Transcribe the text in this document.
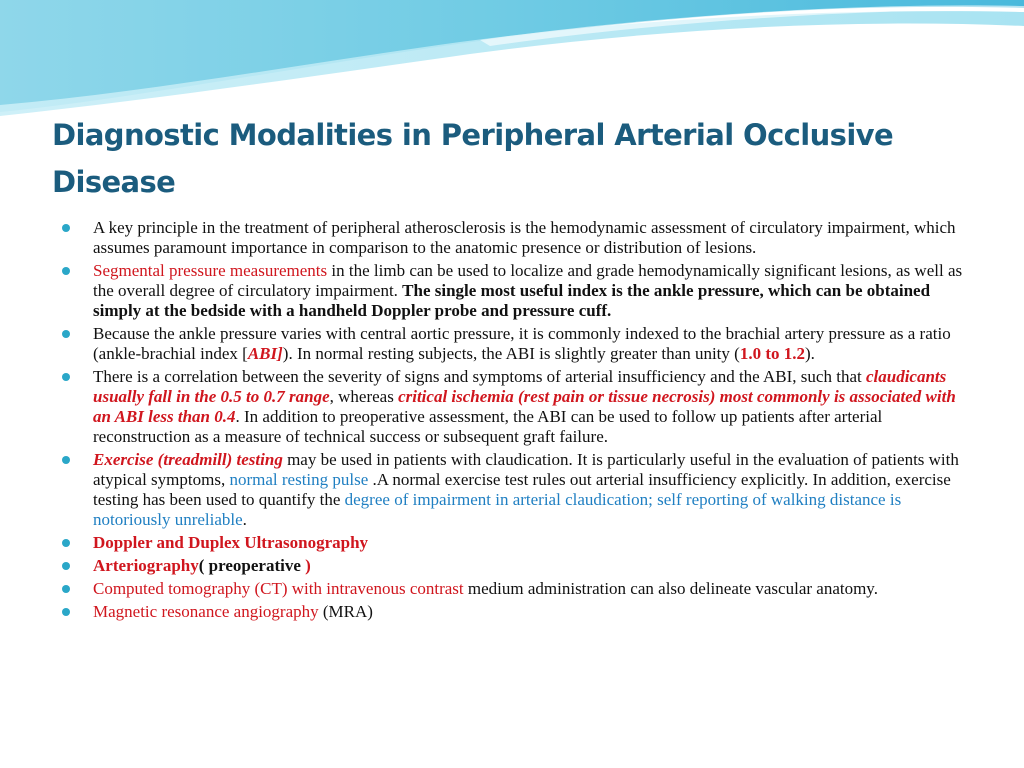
Diagnostic Modalities in Peripheral Arterial Occlusive Disease
A key principle in the treatment of peripheral atherosclerosis is the hemodynamic assessment of circulatory impairment, which assumes paramount importance in comparison to the anatomic presence or distribution of lesions.
Segmental pressure measurements in the limb can be used to localize and grade hemodynamically significant lesions, as well as the overall degree of circulatory impairment. The single most useful index is the ankle pressure, which can be obtained simply at the bedside with a handheld Doppler probe and pressure cuff.
Because the ankle pressure varies with central aortic pressure, it is commonly indexed to the brachial artery pressure as a ratio (ankle-brachial index [ABI]). In normal resting subjects, the ABI is slightly greater than unity (1.0 to 1.2).
There is a correlation between the severity of signs and symptoms of arterial insufficiency and the ABI, such that claudicants usually fall in the 0.5 to 0.7 range, whereas critical ischemia (rest pain or tissue necrosis) most commonly is associated with an ABI less than 0.4. In addition to preoperative assessment, the ABI can be used to follow up patients after arterial reconstruction as a measure of technical success or subsequent graft failure.
Exercise (treadmill) testing may be used in patients with claudication. It is particularly useful in the evaluation of patients with atypical symptoms, normal resting pulse .A normal exercise test rules out arterial insufficiency explicitly. In addition, exercise testing has been used to quantify the degree of impairment in arterial claudication; self reporting of walking distance is notoriously unreliable.
Doppler and Duplex Ultrasonography
Arteriography( preoperative )
Computed tomography (CT) with intravenous contrast medium administration can also delineate vascular anatomy.
Magnetic resonance angiography (MRA)
